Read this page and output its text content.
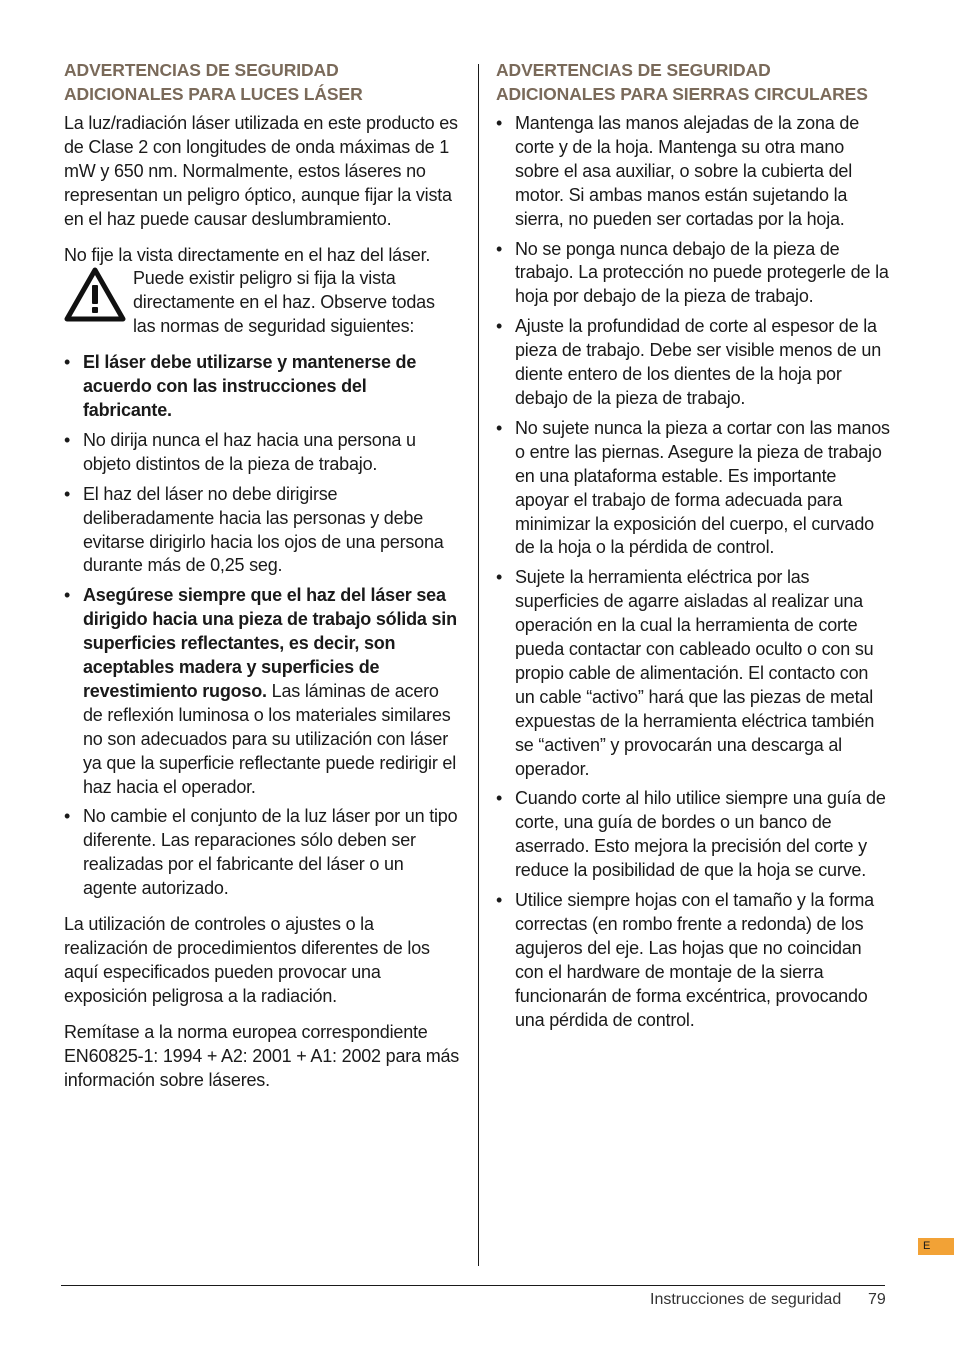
ADVERTENCIAS DE SEGURIDAD ADICIONALES PARA LUCES LÁSER

La luz/radiación láser utilizada en este producto es de Clase 2 con longitudes de onda máximas de 1 mW y 650 nm. Normalmente, estos láseres no representan un peligro óptico, aunque fijar la vista en el haz puede causar deslumbramiento.

No fije la vista directamente en el haz del láser.
Puede existir peligro si fija la vista directamente en el haz. Observe todas las normas de seguridad siguientes:
• El láser debe utilizarse y mantenerse de acuerdo con las instrucciones del fabricante.
• No dirija nunca el haz hacia una persona u objeto distintos de la pieza de trabajo.
• El haz del láser no debe dirigirse deliberadamente hacia las personas y debe evitarse dirigirlo hacia los ojos de una persona durante más de 0,25 seg.
• Asegúrese siempre que el haz del láser sea dirigido hacia una pieza de trabajo sólida sin superficies reflectantes, es decir, son aceptables madera y superficies de revestimiento rugoso. Las láminas de acero de reflexión luminosa o los materiales similares no son adecuados para su utilización con láser ya que la superficie reflectante puede redirigir el haz hacia el operador.
• No cambie el conjunto de la luz láser por un tipo diferente. Las reparaciones sólo deben ser realizadas por el fabricante del láser o un agente autorizado.

La utilización de controles o ajustes o la realización de procedimientos diferentes de los aquí especificados pueden provocar una exposición peligrosa a la radiación.

Remítase a la norma europea correspondiente EN60825-1: 1994 + A2: 2001 + A1: 2002 para más información sobre láseres.

ADVERTENCIAS DE SEGURIDAD ADICIONALES PARA SIERRAS CIRCULARES
• Mantenga las manos alejadas de la zona de corte y de la hoja. Mantenga su otra mano sobre el asa auxiliar, o sobre la cubierta del motor. Si ambas manos están sujetando la sierra, no pueden ser cortadas por la hoja.
• No se ponga nunca debajo de la pieza de trabajo. La protección no puede protegerle de la hoja por debajo de la pieza de trabajo.
• Ajuste la profundidad de corte al espesor de la pieza de trabajo. Debe ser visible menos de un diente entero de los dientes de la hoja por debajo de la pieza de trabajo.
• No sujete nunca la pieza a cortar con las manos o entre las piernas. Asegure la pieza de trabajo en una plataforma estable. Es importante apoyar el trabajo de forma adecuada para minimizar la exposición del cuerpo, el curvado de la hoja o la pérdida de control.
• Sujete la herramienta eléctrica por las superficies de agarre aisladas al realizar una operación en la cual la herramienta de corte pueda contactar con cableado oculto o con su propio cable de alimentación. El contacto con un cable “activo” hará que las piezas de metal expuestas de la herramienta eléctrica también se “activen” y provocarán una descarga al operador.
• Cuando corte al hilo utilice siempre una guía de corte, una guía de bordes o un banco de aserrado. Esto mejora la precisión del corte y reduce la posibilidad de que la hoja se curve.
• Utilice siempre hojas con el tamaño y la forma correctas (en rombo frente a redonda) de los agujeros del eje. Las hojas que no coincidan con el hardware de montaje de la sierra funcionarán de forma excéntrica, provocando una pérdida de control.
E
Instrucciones de seguridad 79
